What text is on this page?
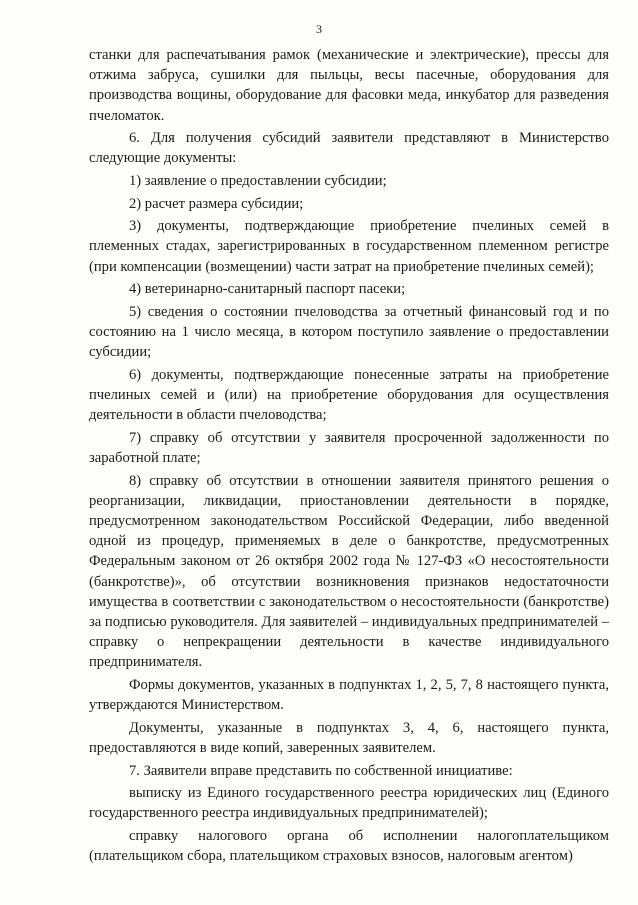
3

станки для распечатывания рамок (механические и электрические), прессы для отжима забруса, сушилки для пыльцы, весы пасечные, оборудования для производства вощины, оборудование для фасовки меда, инкубатор для разведения пчеломаток.

6. Для получения субсидий заявители представляют в Министерство следующие документы:

1) заявление о предоставлении субсидии;

2) расчет размера субсидии;

3) документы, подтверждающие приобретение пчелиных семей в племенных стадах, зарегистрированных в государственном племенном регистре (при компенсации (возмещении) части затрат на приобретение пчелиных семей);

4) ветеринарно-санитарный паспорт пасеки;

5) сведения о состоянии пчеловодства за отчетный финансовый год и по состоянию на 1 число месяца, в котором поступило заявление о предоставлении субсидии;

6) документы, подтверждающие понесенные затраты на приобретение пчелиных семей и (или) на приобретение оборудования для осуществления деятельности в области пчеловодства;

7) справку об отсутствии у заявителя просроченной задолженности по заработной плате;

8) справку об отсутствии в отношении заявителя принятого решения о реорганизации, ликвидации, приостановлении деятельности в порядке, предусмотренном законодательством Российской Федерации, либо введенной одной из процедур, применяемых в деле о банкротстве, предусмотренных Федеральным законом от 26 октября 2002 года № 127-ФЗ «О несостоятельности (банкротстве)», об отсутствии возникновения признаков недостаточности имущества в соответствии с законодательством о несостоятельности (банкротстве) за подписью руководителя. Для заявителей – индивидуальных предпринимателей – справку о непрекращении деятельности в качестве индивидуального предпринимателя.

Формы документов, указанных в подпунктах 1, 2, 5, 7, 8 настоящего пункта, утверждаются Министерством.

Документы, указанные в подпунктах 3, 4, 6, настоящего пункта, предоставляются в виде копий, заверенных заявителем.

7. Заявители вправе представить по собственной инициативе:

выписку из Единого государственного реестра юридических лиц (Единого государственного реестра индивидуальных предпринимателей);

справку налогового органа об исполнении налогоплательщиком (плательщиком сбора, плательщиком страховых взносов, налоговым агентом)
